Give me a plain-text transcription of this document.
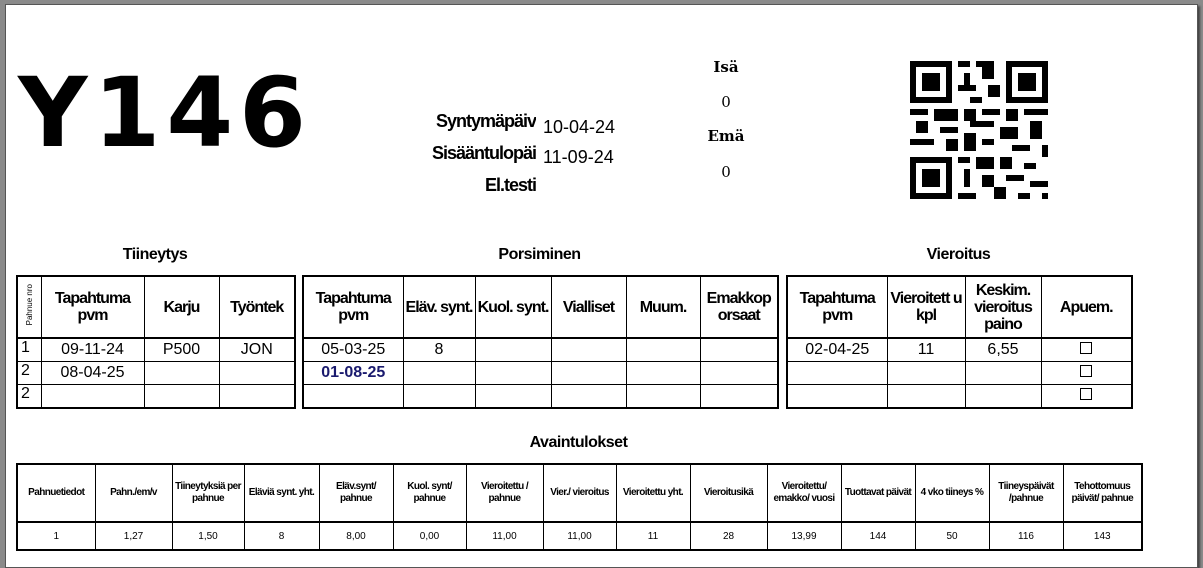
Y146	Syntymäpäiv 10-04-24
Sisääntulopäi 11-09-24
El.testi
Isä
0
Emä
0
Tiineytys	Porsiminen	Vieroitus
Pahnue nro	Tapahtuma pvm	Karju	Työntek
1	09-11-24	P500	JON
2	08-04-25		
2			
Tapahtuma pvm	Eläv. synt.	Kuol. synt.	Vialliset	Muum.	Emakkop orsaat
05-03-25	8				
01-08-25					

Tapahtuma pvm	Vieroitett u kpl	Keskim. vieroitus paino	Apuem.
02-04-25	11	6,55	

Avaintulokset
Pahnuetiedot	Pahn./em/v	Tiineytyksiä per pahnue	Eläviä synt. yht.	Eläv.synt/ pahnue	Kuol. synt/ pahnue	Vieroitettu / pahnue	Vier./ vieroitus	Vieroitettu yht.	Vieroitusikä	Vieroitettu/ emakko/ vuosi	Tuottavat päivät	4 vko tiineys %	Tiineyspäivät /pahnue	Tehottomuus päivät/ pahnue
1	1,27	1,50	8	8,00	0,00	11,00	11,00	11	28	13,99	144	50	116	143
